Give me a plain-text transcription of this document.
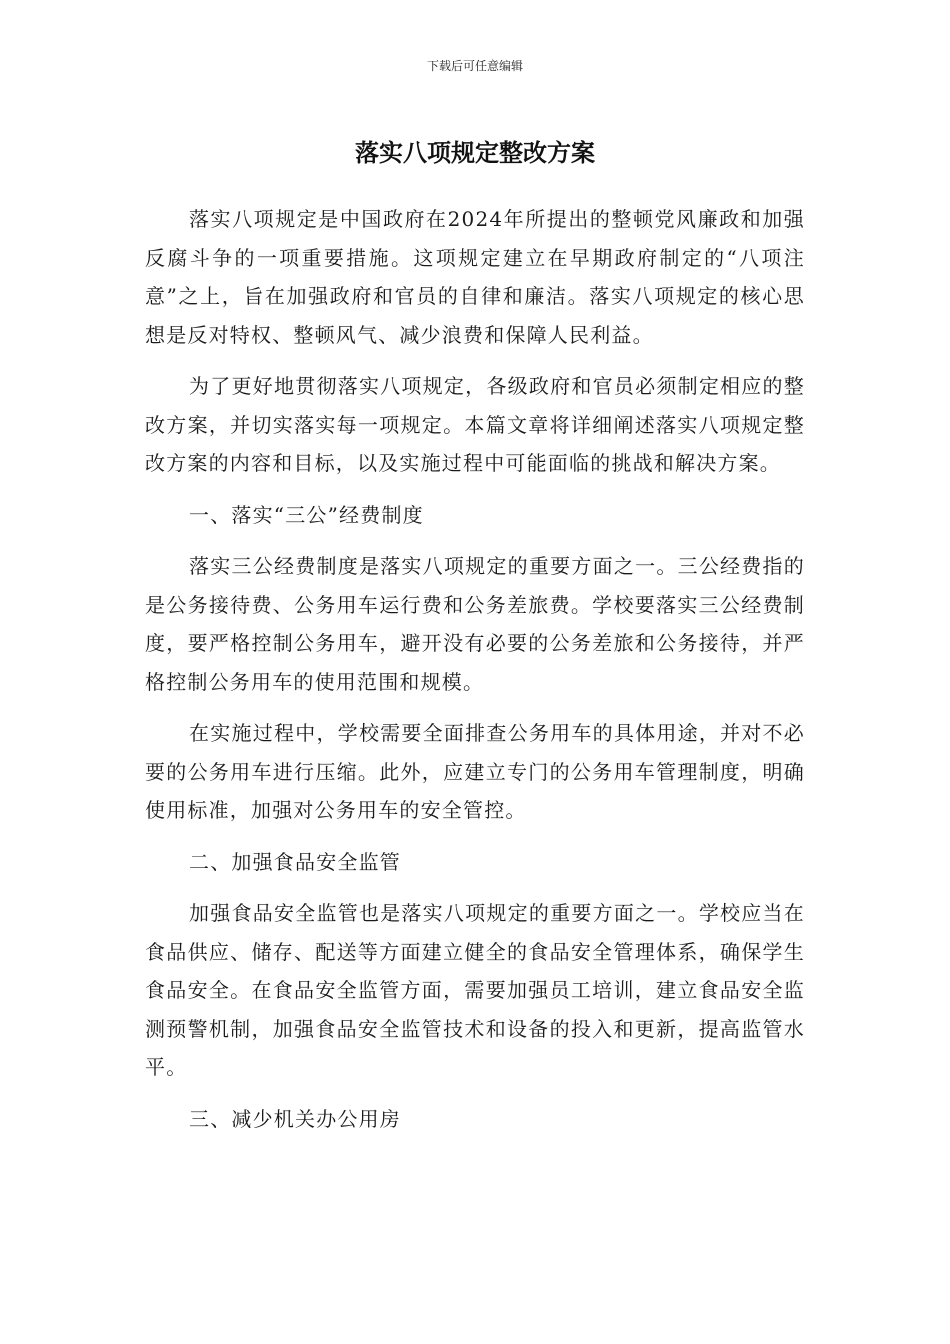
下载后可任意编辑
落实八项规定整改方案

落实八项规定是中国政府在2024年所提出的整顿党风廉政和加强反腐斗争的一项重要措施。这项规定建立在早期政府制定的“八项注意”之上，旨在加强政府和官员的自律和廉洁。落实八项规定的核心思想是反对特权、整顿风气、减少浪费和保障人民利益。

为了更好地贯彻落实八项规定，各级政府和官员必须制定相应的整改方案，并切实落实每一项规定。本篇文章将详细阐述落实八项规定整改方案的内容和目标，以及实施过程中可能面临的挑战和解决方案。

一、落实“三公”经费制度

落实三公经费制度是落实八项规定的重要方面之一。三公经费指的是公务接待费、公务用车运行费和公务差旅费。学校要落实三公经费制度，要严格控制公务用车，避开没有必要的公务差旅和公务接待，并严格控制公务用车的使用范围和规模。

在实施过程中，学校需要全面排查公务用车的具体用途，并对不必要的公务用车进行压缩。此外，应建立专门的公务用车管理制度，明确使用标准，加强对公务用车的安全管控。

二、加强食品安全监管

加强食品安全监管也是落实八项规定的重要方面之一。学校应当在食品供应、储存、配送等方面建立健全的食品安全管理体系，确保学生食品安全。在食品安全监管方面，需要加强员工培训，建立食品安全监测预警机制，加强食品安全监管技术和设备的投入和更新，提高监管水平。

三、减少机关办公用房
